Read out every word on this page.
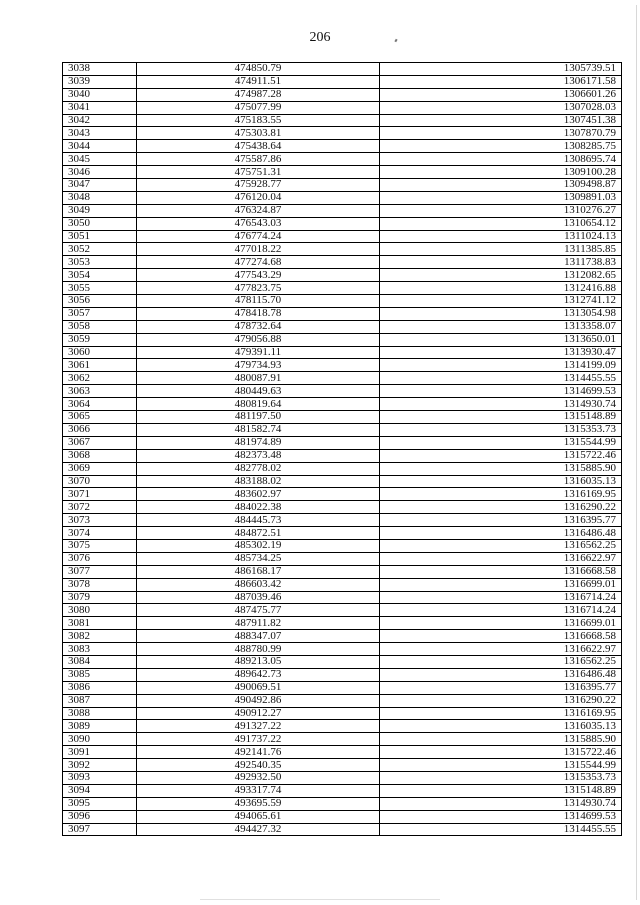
206
3038	474850.79	1305739.51
3039	474911.51	1306171.58
3040	474987.28	1306601.26
3041	475077.99	1307028.03
3042	475183.55	1307451.38
3043	475303.81	1307870.79
3044	475438.64	1308285.75
3045	475587.86	1308695.74
3046	475751.31	1309100.28
3047	475928.77	1309498.87
3048	476120.04	1309891.03
3049	476324.87	1310276.27
3050	476543.03	1310654.12
3051	476774.24	1311024.13
3052	477018.22	1311385.85
3053	477274.68	1311738.83
3054	477543.29	1312082.65
3055	477823.75	1312416.88
3056	478115.70	1312741.12
3057	478418.78	1313054.98
3058	478732.64	1313358.07
3059	479056.88	1313650.01
3060	479391.11	1313930.47
3061	479734.93	1314199.09
3062	480087.91	1314455.55
3063	480449.63	1314699.53
3064	480819.64	1314930.74
3065	481197.50	1315148.89
3066	481582.74	1315353.73
3067	481974.89	1315544.99
3068	482373.48	1315722.46
3069	482778.02	1315885.90
3070	483188.02	1316035.13
3071	483602.97	1316169.95
3072	484022.38	1316290.22
3073	484445.73	1316395.77
3074	484872.51	1316486.48
3075	485302.19	1316562.25
3076	485734.25	1316622.97
3077	486168.17	1316668.58
3078	486603.42	1316699.01
3079	487039.46	1316714.24
3080	487475.77	1316714.24
3081	487911.82	1316699.01
3082	488347.07	1316668.58
3083	488780.99	1316622.97
3084	489213.05	1316562.25
3085	489642.73	1316486.48
3086	490069.51	1316395.77
3087	490492.86	1316290.22
3088	490912.27	1316169.95
3089	491327.22	1316035.13
3090	491737.22	1315885.90
3091	492141.76	1315722.46
3092	492540.35	1315544.99
3093	492932.50	1315353.73
3094	493317.74	1315148.89
3095	493695.59	1314930.74
3096	494065.61	1314699.53
3097	494427.32	1314455.55
